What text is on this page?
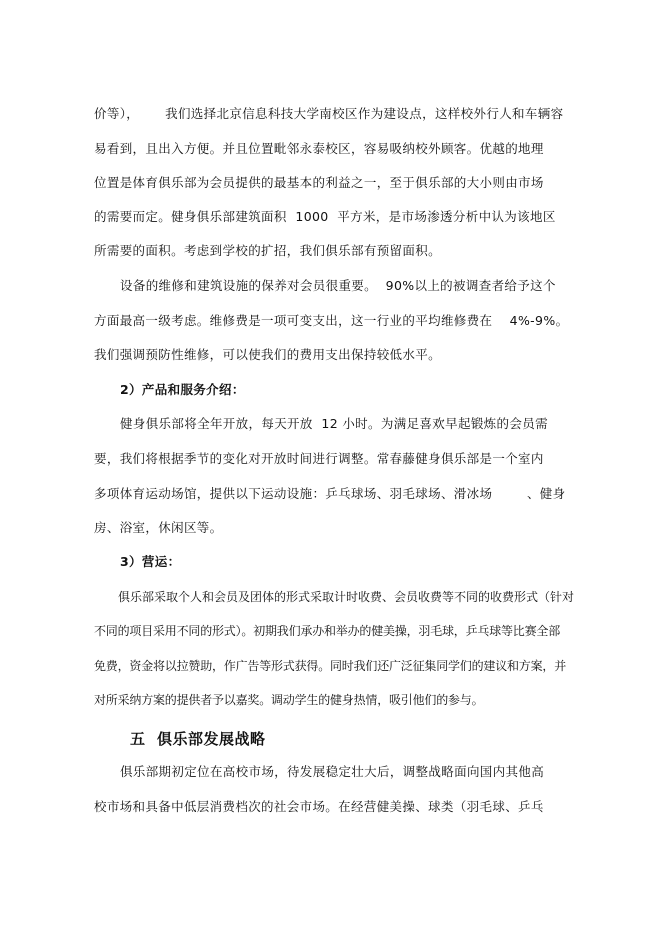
价等），      我们选择北京信息科技大学南校区作为建设点，这样校外行人和车辆容
易看到，且出入方便。并且位置毗邻永泰校区，容易吸纳校外顾客。优越的地理
位置是体育俱乐部为会员提供的最基本的利益之一，至于俱乐部的大小则由市场
的需要而定。健身俱乐部建筑面积  1000  平方米，是市场渗透分析中认为该地区
所需要的面积。考虑到学校的扩招，我们俱乐部有预留面积。
设备的维修和建筑设施的保养对会员很重要。  90%以上的被调查者给予这个
方面最高一级考虑。维修费是一项可变支出，这一行业的平均维修费在    4%-9%。
我们强调预防性维修，可以使我们的费用支出保持较低水平。
2）产品和服务介绍：
健身俱乐部将全年开放，每天开放  12 小时。为满足喜欢早起锻炼的会员需
要，我们将根据季节的变化对开放时间进行调整。常春藤健身俱乐部是一个室内
多项体育运动场馆，提供以下运动设施：乒乓球场、羽毛球场、滑冰场        、健身
房、浴室，休闲区等。
3）营运：
俱乐部采取个人和会员及团体的形式采取计时收费、会员收费等不同的收费形式（针对
不同的项目采用不同的形式）。初期我们承办和举办的健美操，羽毛球，乒乓球等比赛全部
免费，资金将以拉赞助，作广告等形式获得。同时我们还广泛征集同学们的建议和方案，并
对所采纳方案的提供者予以嘉奖。调动学生的健身热情，吸引他们的参与。
五  俱乐部发展战略
俱乐部期初定位在高校市场，待发展稳定壮大后，调整战略面向国内其他高
校市场和具备中低层消费档次的社会市场。在经营健美操、球类（羽毛球、乒乓
